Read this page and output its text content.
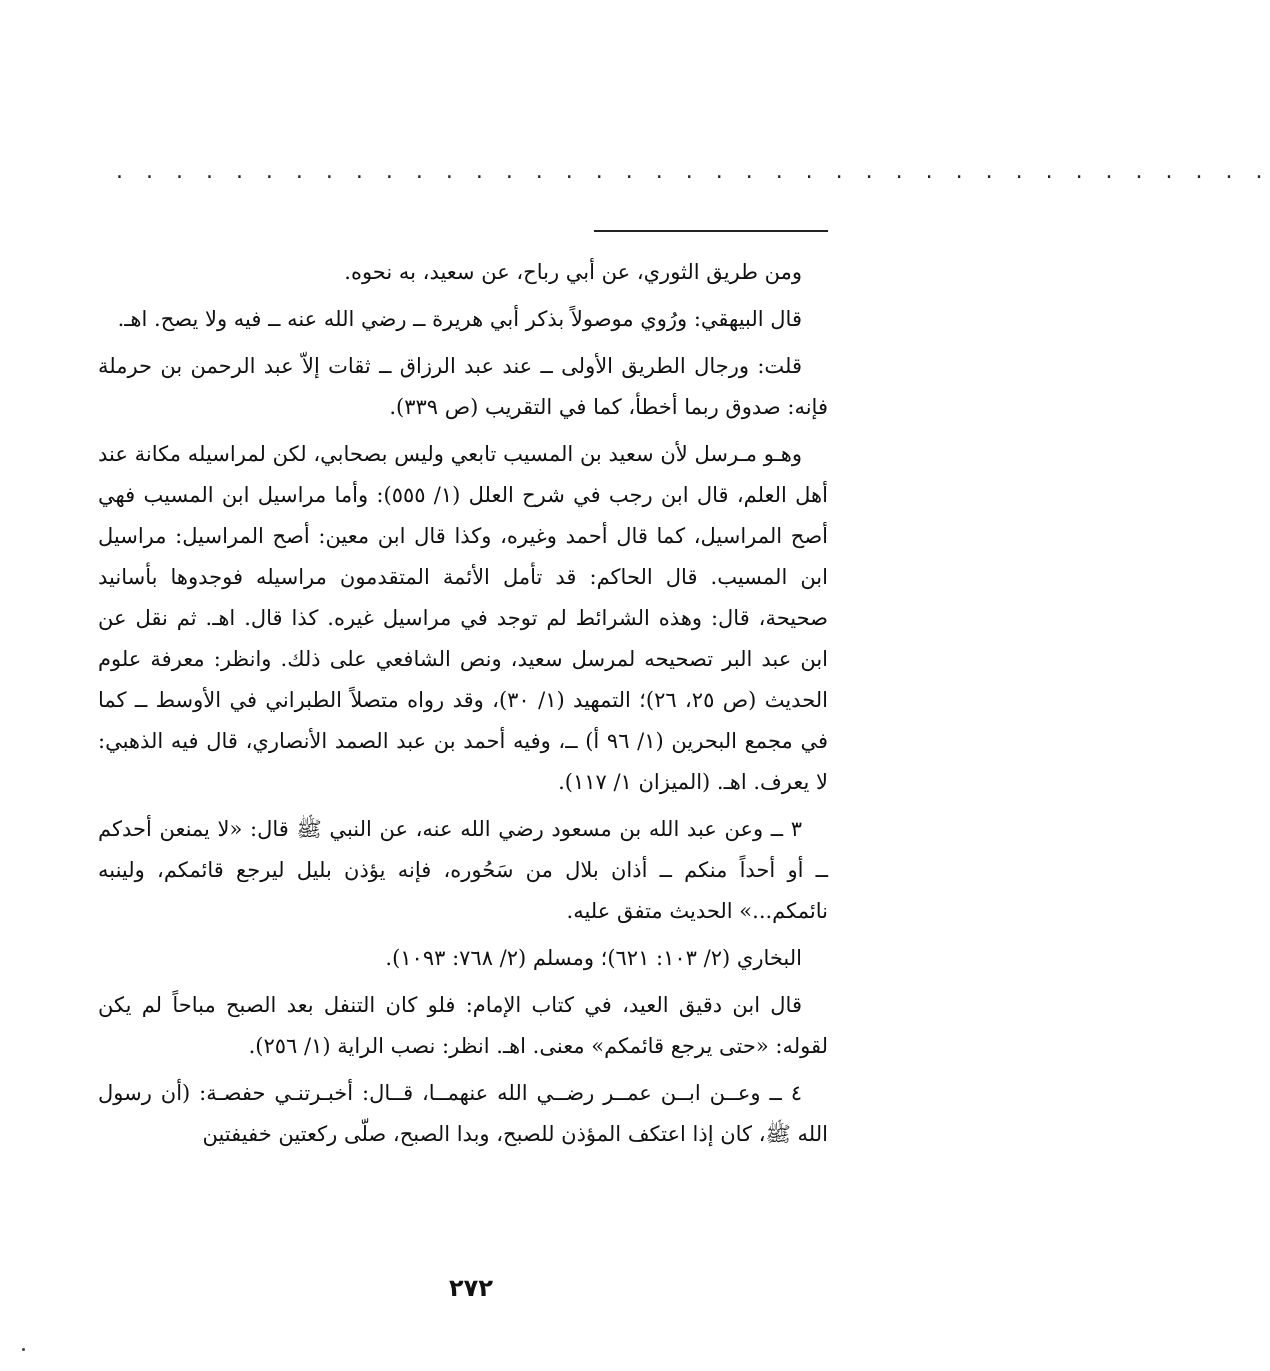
. . . . . . . . . . . . . . . . . . . . . . . . . . . . . . . . . . . . . . .

ومن طريق الثوري، عن أبي رباح، عن سعيد، به نحوه.

قال البيهقي: ورُوي موصولاً بذكر أبي هريرة ــ رضي الله عنه ــ فيه ولا يصح. اهـ.

قلت: ورجال الطريق الأولى ــ عند عبد الرزاق ــ ثقات إلاّ عبد الرحمن بن حرملة فإنه: صدوق ربما أخطأ، كما في التقريب (ص ٣٣٩).

وهـو مـرسل لأن سعيد بن المسيب تابعي وليس بصحابي، لكن لمراسيله مكانة عند أهل العلم، قال ابن رجب في شرح العلل (١/ ٥٥٥): وأما مراسيل ابن المسيب فهي أصح المراسيل، كما قال أحمد وغيره، وكذا قال ابن معين: أصح المراسيل: مراسيل ابن المسيب. قال الحاكم: قد تأمل الأئمة المتقدمون مراسيله فوجدوها بأسانيد صحيحة، قال: وهذه الشرائط لم توجد في مراسيل غيره. كذا قال. اهـ. ثم نقل عن ابن عبد البر تصحيحه لمرسل سعيد، ونص الشافعي على ذلك. وانظر: معرفة علوم الحديث (ص ٢٥، ٢٦)؛ التمهيد (١/ ٣٠)، وقد رواه متصلاً الطبراني في الأوسط ــ كما في مجمع البحرين (١/ ٩٦ أ) ــ، وفيه أحمد بن عبد الصمد الأنصاري، قال فيه الذهبي: لا يعرف. اهـ. (الميزان ١/ ١١٧).

٣ ــ وعن عبد الله بن مسعود رضي الله عنه، عن النبي ﷺ قال: «لا يمنعن أحدكم ــ أو أحداً منكم ــ أذان بلال من سَحُوره، فإنه يؤذن بليل ليرجع قائمكم، ولينبه نائمكم...» الحديث متفق عليه.

البخاري (٢/ ١٠٣: ٦٢١)؛ ومسلم (٢/ ٧٦٨: ١٠٩٣).

قال ابن دقيق العيد، في كتاب الإمام: فلو كان التنفل بعد الصبح مباحاً لم يكن لقوله: «حتى يرجع قائمكم» معنى. اهـ. انظر: نصب الراية (١/ ٢٥٦).

٤ ــ وعــن ابــن عمــر رضــي الله عنهمــا، قــال: أخبـرتنـي حفصـة: (أن رسول الله ﷺ، كان إذا اعتكف المؤذن للصبح، وبدا الصبح، صلّى ركعتين خفيفتين

٢٧٢
